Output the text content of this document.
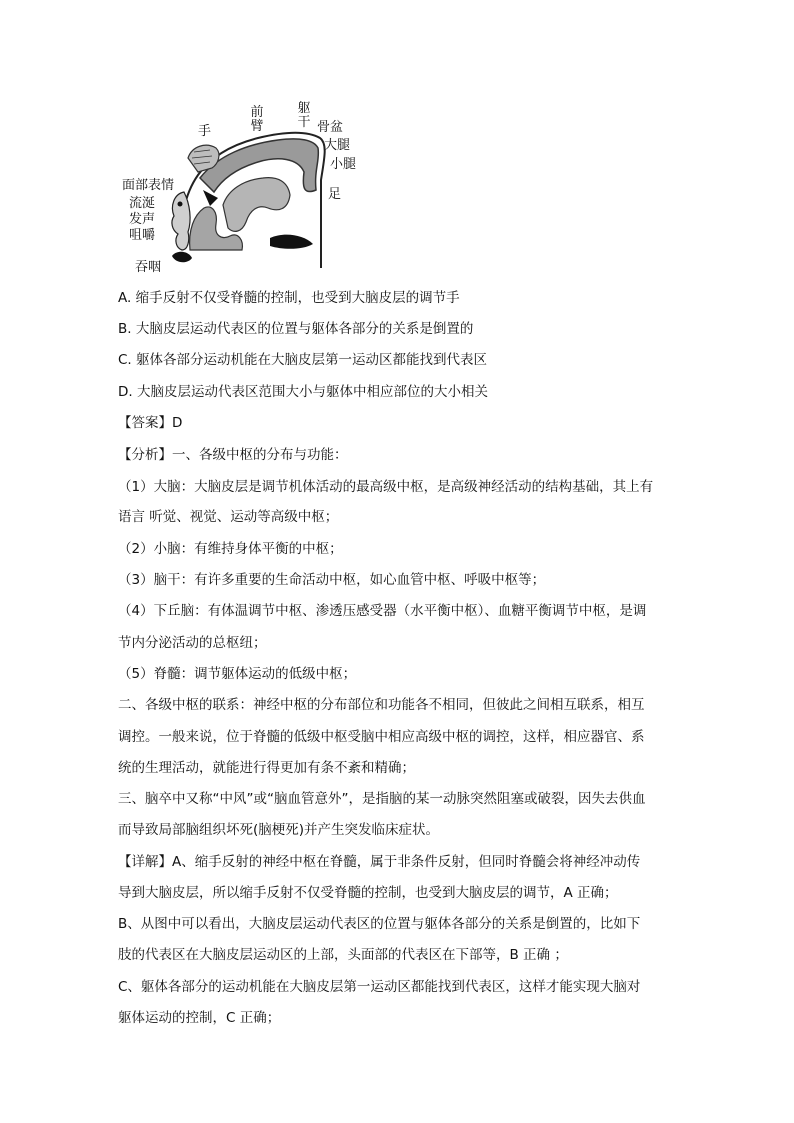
手
前臂
躯干 骨盆
大腿
小腿
足
面部表情
流涎
发声
咀嚼
吞咽
A. 缩手反射不仅受脊髓的控制，也受到大脑皮层的调节手
B. 大脑皮层运动代表区的位置与躯体各部分的关系是倒置的
C. 躯体各部分运动机能在大脑皮层第一运动区都能找到代表区
D. 大脑皮层运动代表区范围大小与躯体中相应部位的大小相关
【答案】D
【分析】一、各级中枢的分布与功能：
（1）大脑：大脑皮层是调节机体活动的最高级中枢，是高级神经活动的结构基础，其上有
语言 听觉、视觉、运动等高级中枢；
（2）小脑：有维持身体平衡的中枢；
（3）脑干：有许多重要的生命活动中枢，如心血管中枢、呼吸中枢等；
（4）下丘脑：有体温调节中枢、渗透压感受器（水平衡中枢）、血糖平衡调节中枢，是调
节内分泌活动的总枢纽；
（5）脊髓：调节躯体运动的低级中枢；
二、各级中枢的联系：神经中枢的分布部位和功能各不相同，但彼此之间相互联系，相互
调控。一般来说，位于脊髓的低级中枢受脑中相应高级中枢的调控，这样，相应器官、系
统的生理活动，就能进行得更加有条不紊和精确；
三、脑卒中又称“中风”或“脑血管意外”，是指脑的某一动脉突然阻塞或破裂，因失去供血
而导致局部脑组织坏死(脑梗死)并产生突发临床症状。
【详解】A、缩手反射的神经中枢在脊髓，属于非条件反射，但同时脊髓会将神经冲动传
导到大脑皮层，所以缩手反射不仅受脊髓的控制，也受到大脑皮层的调节，A 正确；
B、从图中可以看出，大脑皮层运动代表区的位置与躯体各部分的关系是倒置的，比如下
肢的代表区在大脑皮层运动区的上部，头面部的代表区在下部等，B 正确 ；
C、躯体各部分的运动机能在大脑皮层第一运动区都能找到代表区，这样才能实现大脑对
躯体运动的控制，C 正确；
